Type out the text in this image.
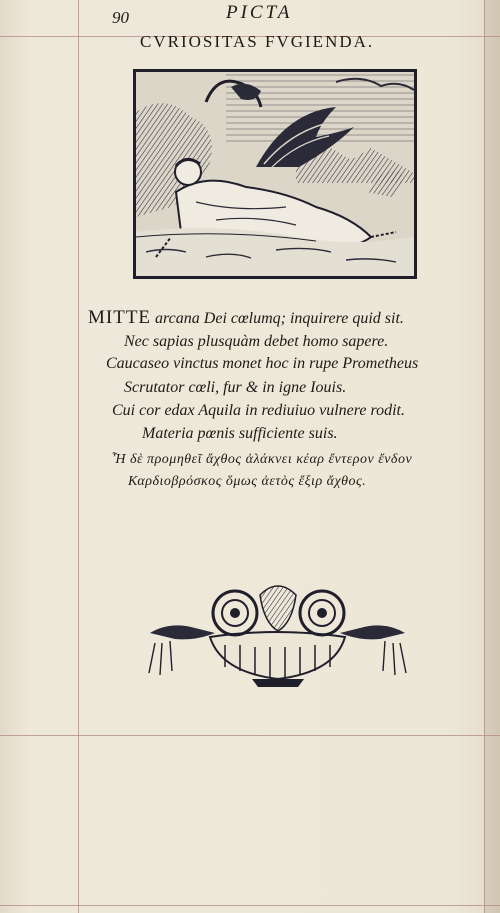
90	PICTA
CVRIOSITAS FVGIENDA.
MITTE arcana Dei cœlumq; inquirere quid sit.
Nec sapias plusquàm debet homo sapere.
Caucaseo vinctus monet hoc in rupe Prometheus
Scrutator cœli, fur & in igne Iouis.
Cui cor edax Aquila in rediuiuo vulnere rodit.
Materia pœnis sufficiente suis.
Ἦ δὲ προμηθεῖ ἄχθος ἀλάκνει κέαρ ἔντερον ἔνδον
Καρδιοβρόσκος ὅμως ἀετὸς ἔξιρ ἄχθος.
